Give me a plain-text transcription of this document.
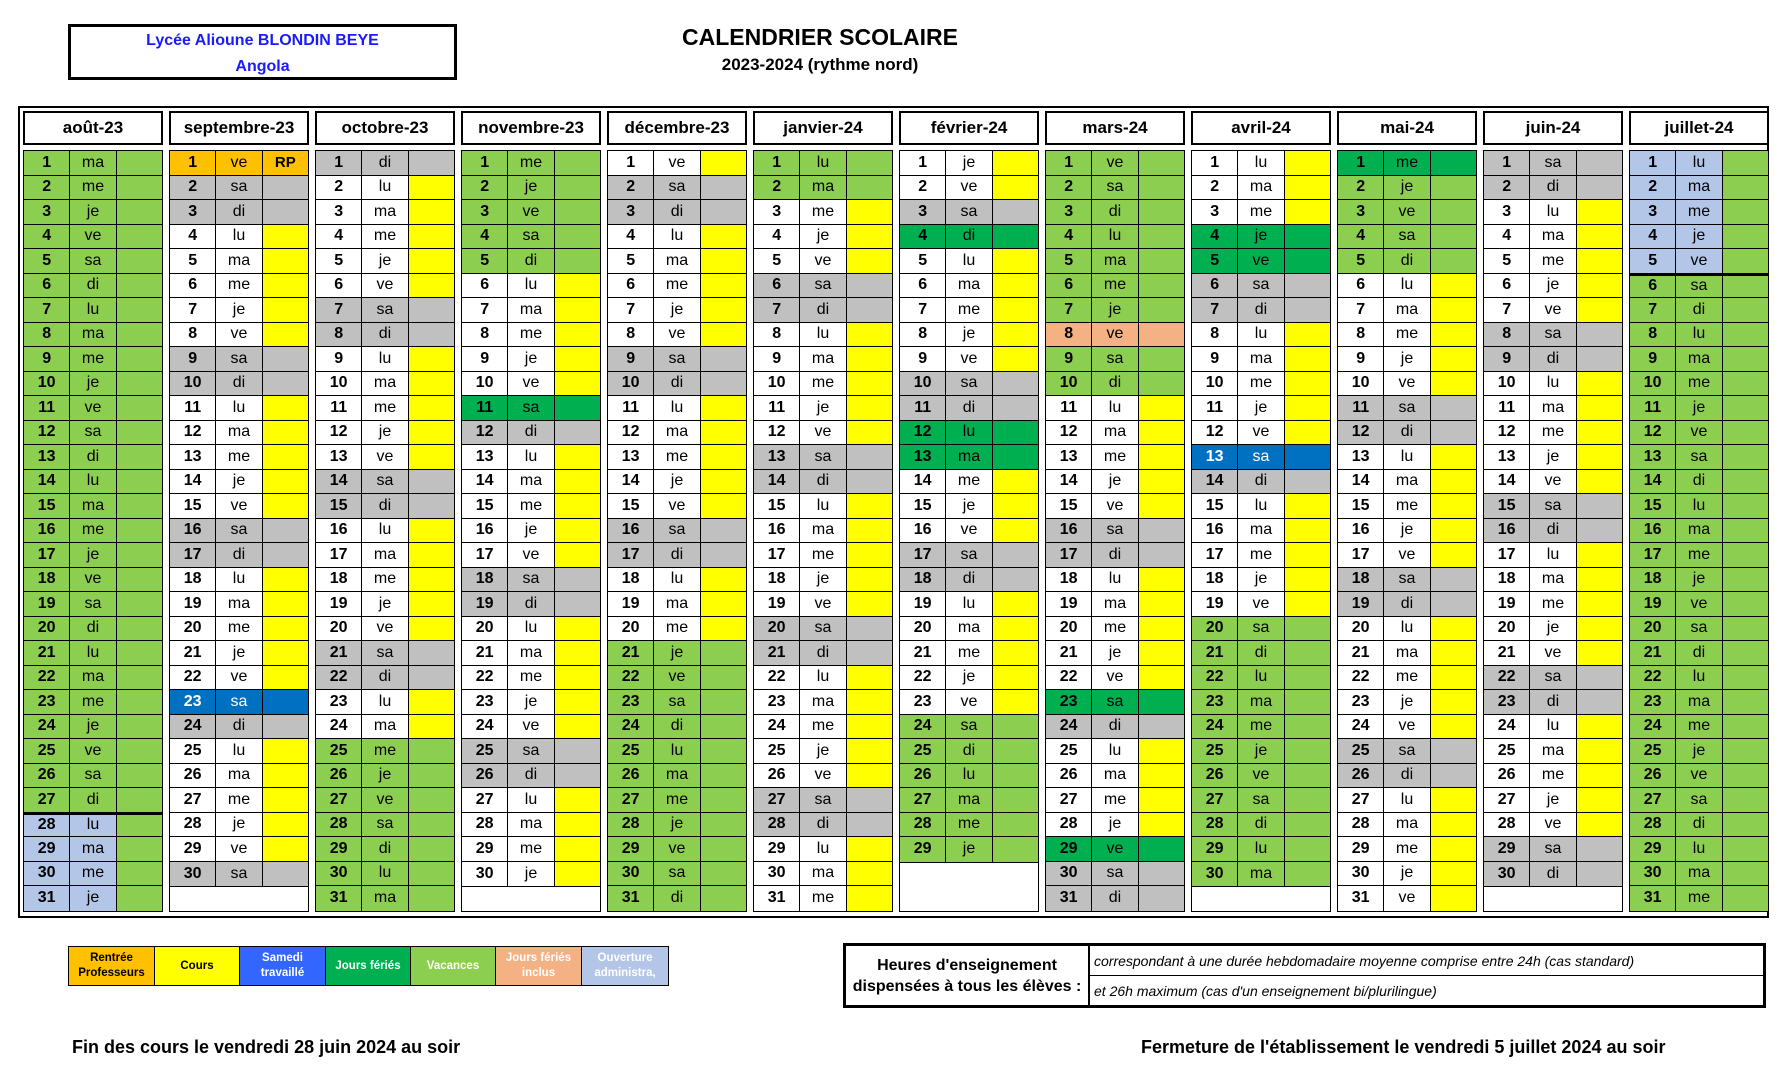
Lycée Alioune BLONDIN BEYE
Angola
CALENDRIER SCOLAIRE
2023-2024 (rythme nord)
août-23
1	ma
2	me
3	je
4	ve
5	sa
6	di
7	lu
8	ma
9	me
10	je
11	ve
12	sa
13	di
14	lu
15	ma
16	me
17	je
18	ve
19	sa
20	di
21	lu
22	ma
23	me
24	je
25	ve
26	sa
27	di
28	lu
29	ma
30	me
31	je
septembre-23
1	ve	RP
2	sa
3	di
4	lu
5	ma
6	me
7	je
8	ve
9	sa
10	di
11	lu
12	ma
13	me
14	je
15	ve
16	sa
17	di
18	lu
19	ma
20	me
21	je
22	ve
23	sa
24	di
25	lu
26	ma
27	me
28	je
29	ve
30	sa
octobre-23
1	di
2	lu
3	ma
4	me
5	je
6	ve
7	sa
8	di
9	lu
10	ma
11	me
12	je
13	ve
14	sa
15	di
16	lu
17	ma
18	me
19	je
20	ve
21	sa
22	di
23	lu
24	ma
25	me
26	je
27	ve
28	sa
29	di
30	lu
31	ma
novembre-23
1	me
2	je
3	ve
4	sa
5	di
6	lu
7	ma
8	me
9	je
10	ve
11	sa
12	di
13	lu
14	ma
15	me
16	je
17	ve
18	sa
19	di
20	lu
21	ma
22	me
23	je
24	ve
25	sa
26	di
27	lu
28	ma
29	me
30	je
décembre-23
1	ve
2	sa
3	di
4	lu
5	ma
6	me
7	je
8	ve
9	sa
10	di
11	lu
12	ma
13	me
14	je
15	ve
16	sa
17	di
18	lu
19	ma
20	me
21	je
22	ve
23	sa
24	di
25	lu
26	ma
27	me
28	je
29	ve
30	sa
31	di
janvier-24
1	lu
2	ma
3	me
4	je
5	ve
6	sa
7	di
8	lu
9	ma
10	me
11	je
12	ve
13	sa
14	di
15	lu
16	ma
17	me
18	je
19	ve
20	sa
21	di
22	lu
23	ma
24	me
25	je
26	ve
27	sa
28	di
29	lu
30	ma
31	me
février-24
1	je
2	ve
3	sa
4	di
5	lu
6	ma
7	me
8	je
9	ve
10	sa
11	di
12	lu
13	ma
14	me
15	je
16	ve
17	sa
18	di
19	lu
20	ma
21	me
22	je
23	ve
24	sa
25	di
26	lu
27	ma
28	me
29	je
mars-24
1	ve
2	sa
3	di
4	lu
5	ma
6	me
7	je
8	ve
9	sa
10	di
11	lu
12	ma
13	me
14	je
15	ve
16	sa
17	di
18	lu
19	ma
20	me
21	je
22	ve
23	sa
24	di
25	lu
26	ma
27	me
28	je
29	ve
30	sa
31	di
avril-24
1	lu
2	ma
3	me
4	je
5	ve
6	sa
7	di
8	lu
9	ma
10	me
11	je
12	ve
13	sa
14	di
15	lu
16	ma
17	me
18	je
19	ve
20	sa
21	di
22	lu
23	ma
24	me
25	je
26	ve
27	sa
28	di
29	lu
30	ma
mai-24
1	me
2	je
3	ve
4	sa
5	di
6	lu
7	ma
8	me
9	je
10	ve
11	sa
12	di
13	lu
14	ma
15	me
16	je
17	ve
18	sa
19	di
20	lu
21	ma
22	me
23	je
24	ve
25	sa
26	di
27	lu
28	ma
29	me
30	je
31	ve
juin-24
1	sa
2	di
3	lu
4	ma
5	me
6	je
7	ve
8	sa
9	di
10	lu
11	ma
12	me
13	je
14	ve
15	sa
16	di
17	lu
18	ma
19	me
20	je
21	ve
22	sa
23	di
24	lu
25	ma
26	me
27	je
28	ve
29	sa
30	di
juillet-24
1	lu
2	ma
3	me
4	je
5	ve
6	sa
7	di
8	lu
9	ma
10	me
11	je
12	ve
13	sa
14	di
15	lu
16	ma
17	me
18	je
19	ve
20	sa
21	di
22	lu
23	ma
24	me
25	je
26	ve
27	sa
28	di
29	lu
30	ma
31	me
Rentrée Professeurs
Cours
Samedi travaillé
Jours fériés	Vacances
Jours fériés inclus
Ouverture administra,	Heures d'enseignement dispensées à tous les élèves :
correspondant à une durée hebdomadaire moyenne comprise entre 24h (cas standard)
et 26h maximum (cas d'un enseignement bi/plurilingue)
Fin des cours le vendredi 28 juin 2024 au soir	Fermeture de l'établissement le vendredi 5 juillet 2024 au soir
